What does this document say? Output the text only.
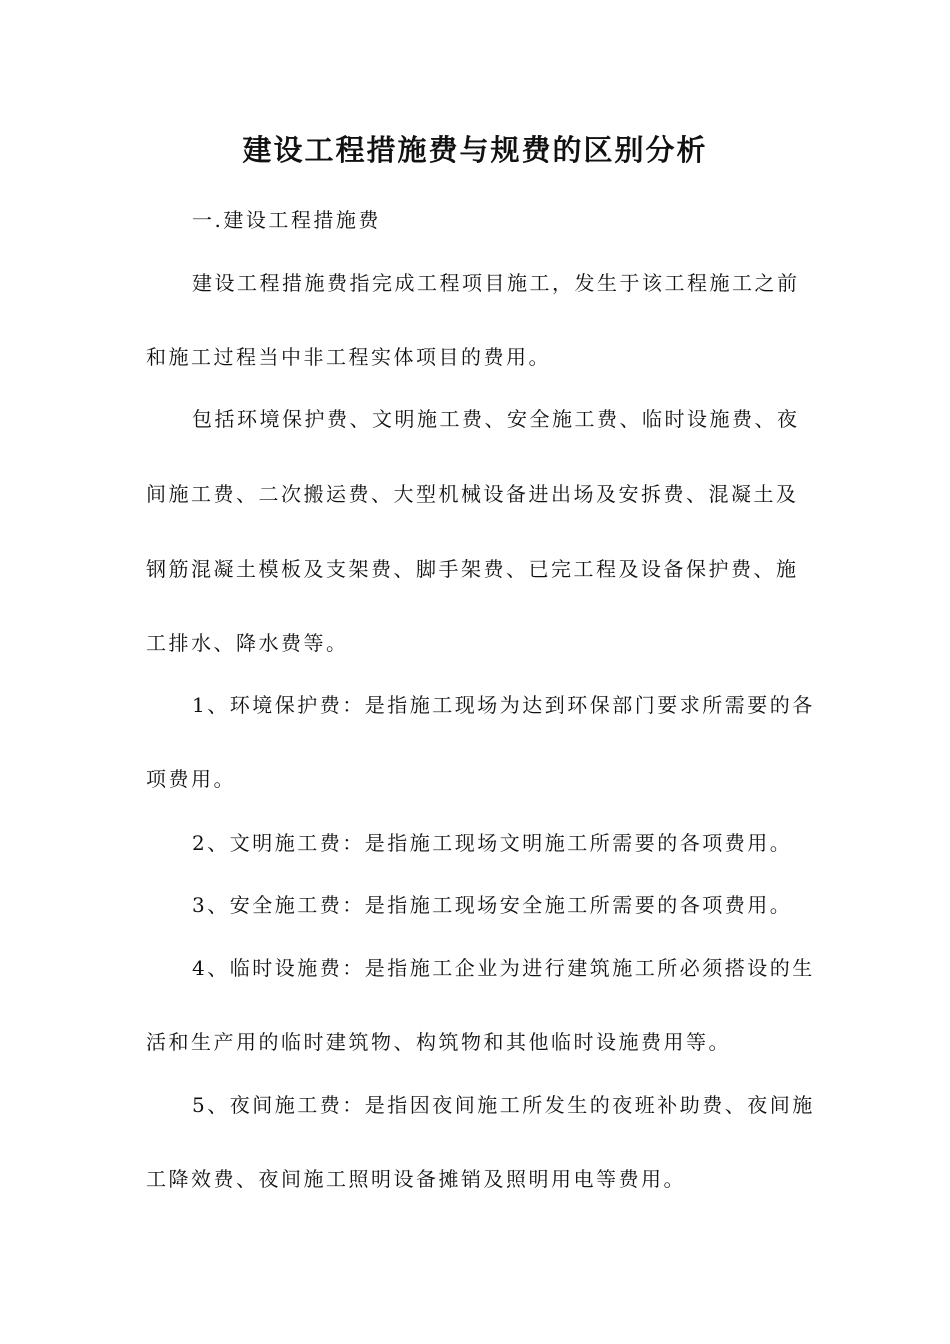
建设工程措施费与规费的区别分析

一.建设工程措施费

建设工程措施费指完成工程项目施工，发生于该工程施工之前

和施工过程当中非工程实体项目的费用。

包括环境保护费、文明施工费、安全施工费、临时设施费、夜

间施工费、二次搬运费、大型机械设备进出场及安拆费、混凝土及

钢筋混凝土模板及支架费、脚手架费、已完工程及设备保护费、施

工排水、降水费等。

1、环境保护费：是指施工现场为达到环保部门要求所需要的各

项费用。

2、文明施工费：是指施工现场文明施工所需要的各项费用。

3、安全施工费：是指施工现场安全施工所需要的各项费用。

4、临时设施费：是指施工企业为进行建筑施工所必须搭设的生

活和生产用的临时建筑物、构筑物和其他临时设施费用等。

5、夜间施工费：是指因夜间施工所发生的夜班补助费、夜间施

工降效费、夜间施工照明设备摊销及照明用电等费用。
